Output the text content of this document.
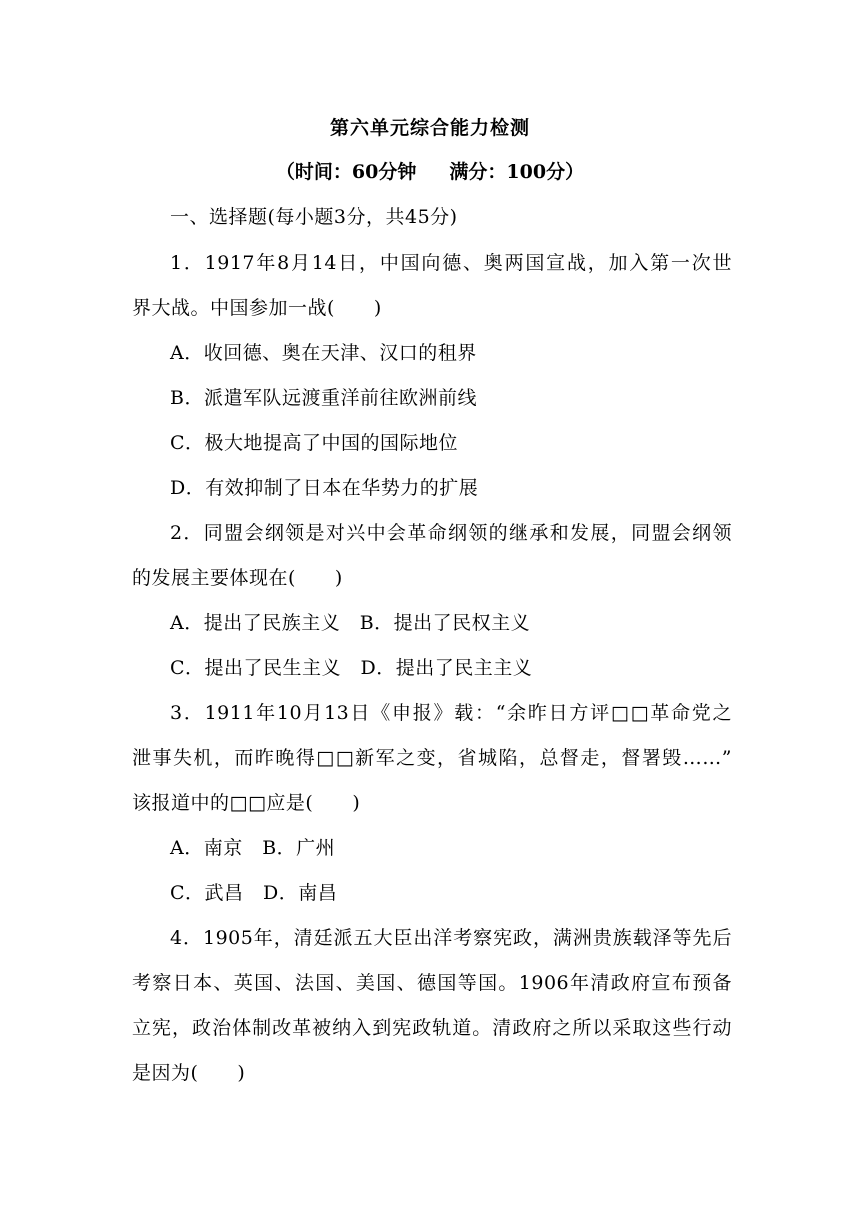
第六单元综合能力检测
（时间：60分钟     满分：100分）
一、选择题(每小题3分，共45分)
1．1917年8月14日，中国向德、奥两国宣战，加入第一次世
界大战。中国参加一战(　　)
A．收回德、奥在天津、汉口的租界
B．派遣军队远渡重洋前往欧洲前线
C．极大地提高了中国的国际地位
D．有效抑制了日本在华势力的扩展
2．同盟会纲领是对兴中会革命纲领的继承和发展，同盟会纲领
的发展主要体现在(　　)
A．提出了民族主义　B．提出了民权主义
C．提出了民生主义　D．提出了民主主义
3．1911年10月13日《申报》载：“余昨日方评□□革命党之
泄事失机，而昨晚得□□新军之变，省城陷，总督走，督署毁……”
该报道中的□□应是(　　)
A．南京　B．广州
C．武昌　D．南昌
4．1905年，清廷派五大臣出洋考察宪政，满洲贵族载泽等先后
考察日本、英国、法国、美国、德国等国。1906年清政府宣布预备
立宪，政治体制改革被纳入到宪政轨道。清政府之所以采取这些行动
是因为(　　)
